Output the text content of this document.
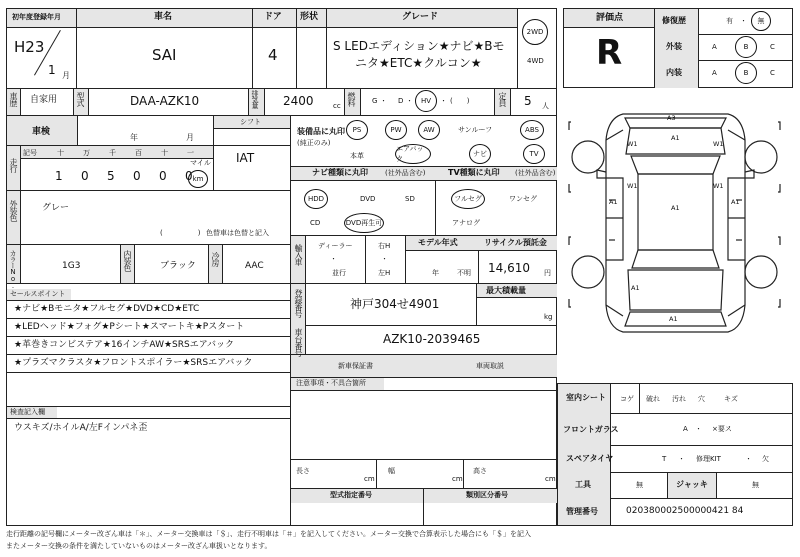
初年度登録年月	車名	ドア 形状	グレード
H23
1 月
SAI	4	S LEDエディション★ナビ★Bモ
ニタ★ETC★クルコン★
2WD
4WD
車歴 自家用 型式	DAA-AZK10	排気量 2400	cc 燃料 G ・ D ・ HV ・ (　　)	定員 5 人
車検
年	月
シフト
IAT
走行
記号	十	万	千	百	十	一
1 0 5 0 0 0
マイル
km
外装色	グレー
(　　　　　) 色替車は色替と記入
カラーNo.	1G3	内装色	ブラック 冷房	AAC
装備品に丸印
(純正のみ)
PS	PW	AW	サンルーフ	ABS
本革
エアバック
ナビ	TV
ナビ種類に丸印 (社外品含む)
HDD	DVD	SD
CD	DVD再生可
TV種類に丸印 (社外品含む)
フルセグ	ワンセグ
アナログ
輸入車 ディーラー
・
並行
右H
・
左H
モデル年式
年	不明
リサイクル預託金
14,610 円
セールスポイント
★ナビ★Bモニタ★フルセグ★DVD★CD★ETC
★LEDヘッド★フォグ★Pシート★スマートキ★Pスタート
★革巻きコンビステア★16インチAW★SRSエアバック
★プラズマクラスタ★フロントスポイラー★SRSエアバック
検査記入欄
ウスキズ/ホイルA/左Fインパネ歪
登録番号	神戸304せ4901
最大積載量
kg
車台番号	AZK10-2039465
新車保証書	車両取説
注意事項・不具合箇所
長さ
cm
幅
cm
高さ
cm
型式指定番号	類別区分番号
評価点
R
修復歴	有 ・ 無
外装	A	B	C
内装	A	B	C
A3
A1
A1
W1	W1
W1	W1
A1	A1
A1
A1
室内シート コゲ 破れ 汚れ 穴	キズ
フロントガラス	A ・ ×要ス
スペアタイヤ	T ・ 修理KIT	・ 欠
工具	無	ジャッキ	無
管理番号	020380002500000421 84
走行距離の記号欄にメーター改ざん車は「＊」、メーター交換車は「＄」、走行不明車は「＃」を記入してください。メーター交換で合算表示した場合にも「＄」を記入
またメーター交換の条件を満たしていないものはメーター改ざん車扱いとなります。
